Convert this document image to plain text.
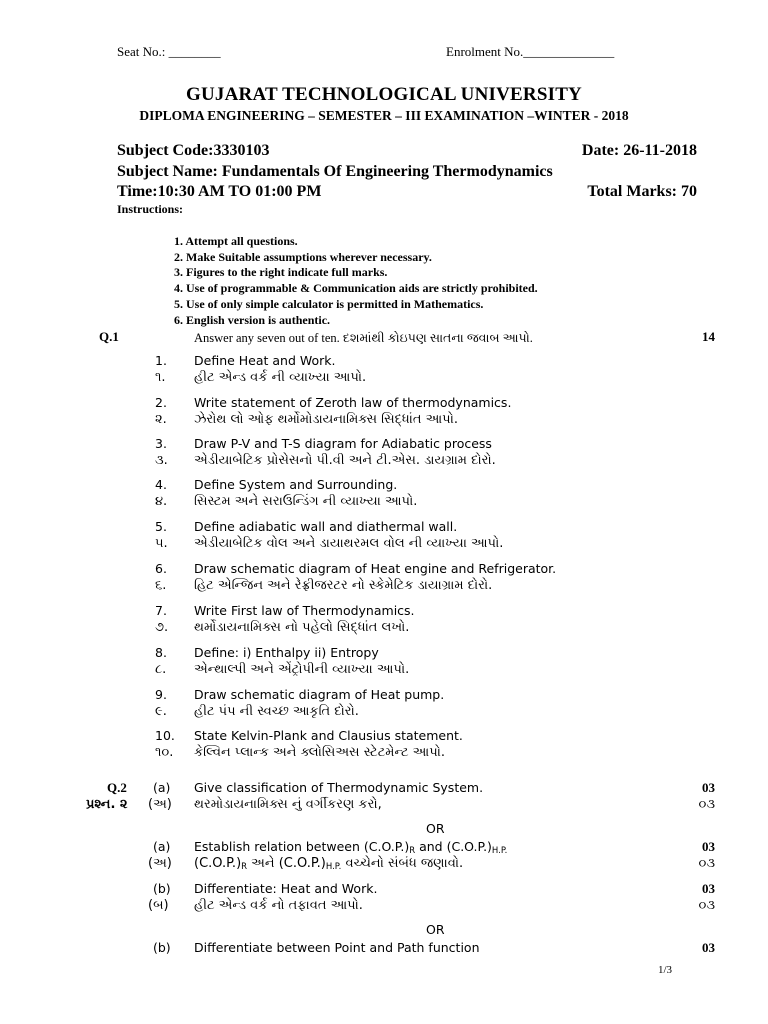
Seat No.: ________	Enrolment No.______________
GUJARAT TECHNOLOGICAL UNIVERSITY
DIPLOMA ENGINEERING – SEMESTER – III EXAMINATION –WINTER - 2018
Subject Code:3330103	Date: 26-11-2018
Subject Name: Fundamentals Of Engineering Thermodynamics
Time:10:30 AM TO 01:00 PM	Total Marks: 70
Instructions:
1. Attempt all questions.
2. Make Suitable assumptions wherever necessary.
3. Figures to the right indicate full marks.
4. Use of programmable & Communication aids are strictly prohibited.
5. Use of only simple calculator is permitted in Mathematics.
6. English version is authentic.
Q.1	Answer any seven out of ten. દશમાંથી કોઇપણ સાતના જવાબ આપો.	14
1. Define Heat and Work.
૧. હીટ એન્ડ વર્ક ની વ્યાખ્યા આપો.
2. Write statement of Zeroth law of thermodynamics.
૨. ઝેરોથ લો ઓફ થર્મોમોડાયનામિક્સ સિદ્ધાંત આપો.
3. Draw P-V and T-S diagram for Adiabatic process
૩. એડીયાબેટિક પ્રોસેસનો પી.વી અને ટી.એસ. ડાયગ્રામ દોરો.
4. Define System and Surrounding.
૪. સિસ્ટમ અને સરાઉન્ડિંગ ની વ્યાખ્યા આપો.
5. Define adiabatic wall and diathermal wall.
૫. એડીયાબેટિક વોલ અને ડાયાથરમલ વોલ ની વ્યાખ્યા આપો.
6. Draw schematic diagram of Heat engine and Refrigerator.
૬. હિટ એન્જિન અને રેફ્રીજરટર નો સ્કેમેટિક ડાયાગ્રામ દોરો.
7. Write First law of Thermodynamics.
૭. થર્મોડાયનામિક્સ નો પહેલો સિદ્ધાંત લખો.
8. Define: i) Enthalpy ii) Entropy
૮. એન્થાલ્પી અને એંટ્રોપીની વ્યાખ્યા આપો.
9. Draw schematic diagram of Heat pump.
૯. હીટ પંપ ની સ્વચ્છ આકૃતિ દોરો.
10. State Kelvin-Plank and Clausius statement.
૧૦. કેલ્વિન પ્લાન્ક અને ક્લોસિઅસ સ્ટેટમેન્ટ આપો.
Q.2
પ્રશ્ન. ૨
(a) Give classification of Thermodynamic System.	03
(અ) થરમોડાયનામિક્સ નું વર્ગીકરણ કરો,	૦૩
OR
(a) Establish relation between (C.O.P.)R and (C.O.P.)H.P.	03
(અ) (C.O.P.)R અને (C.O.P.)H.P. વચ્ચેનો સંબંધ જણાવો.	૦૩
(b) Differentiate: Heat and Work.	03
(બ) હીટ એન્ડ વર્ક નો તફાવત આપો.	૦૩
OR
(b) Differentiate between Point and Path function	03
1/3
